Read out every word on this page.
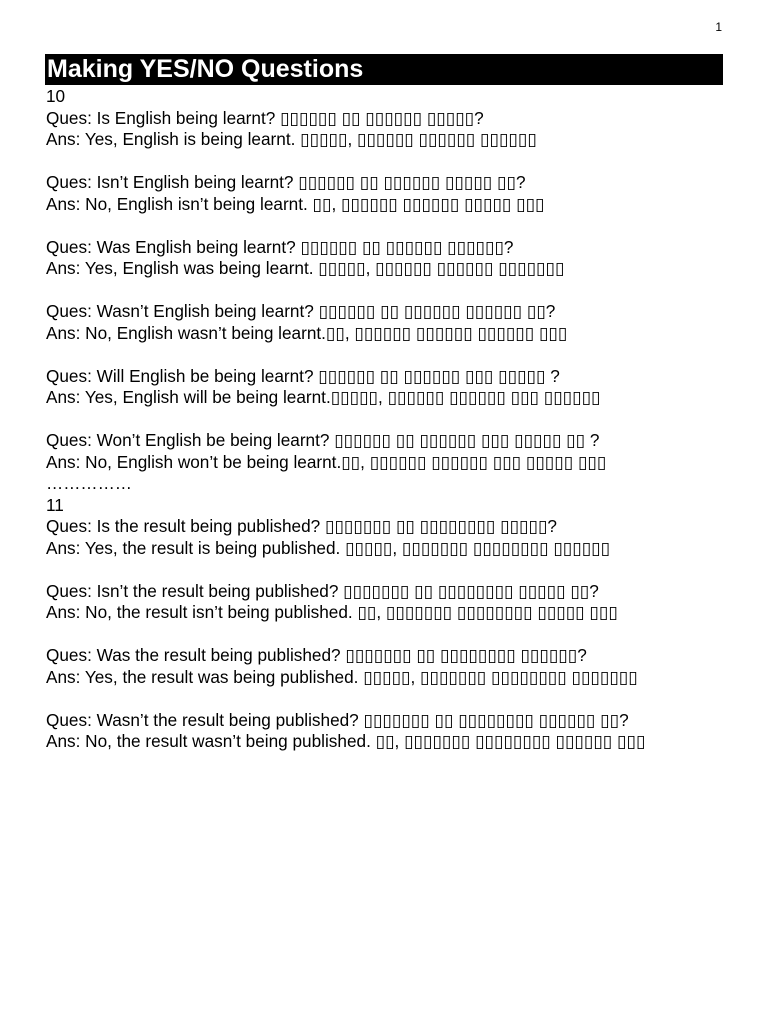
1
Making YES/NO Questions
10
Ques: Is English being learnt? ▯▯▯▯▯▯ ▯▯ ▯▯▯▯▯▯ ▯▯▯▯▯?
Ans: Yes, English is being learnt. ▯▯▯▯▯, ▯▯▯▯▯▯ ▯▯▯▯▯▯ ▯▯▯▯▯▯
Ques: Isn’t English being learnt? ▯▯▯▯▯▯ ▯▯ ▯▯▯▯▯▯ ▯▯▯▯▯ ▯▯?
Ans: No, English isn’t being learnt. ▯▯, ▯▯▯▯▯▯ ▯▯▯▯▯▯ ▯▯▯▯▯ ▯▯▯
Ques: Was English being learnt? ▯▯▯▯▯▯ ▯▯ ▯▯▯▯▯▯ ▯▯▯▯▯▯?
Ans: Yes, English was being learnt. ▯▯▯▯▯, ▯▯▯▯▯▯ ▯▯▯▯▯▯ ▯▯▯▯▯▯▯
Ques: Wasn’t English being learnt? ▯▯▯▯▯▯ ▯▯ ▯▯▯▯▯▯ ▯▯▯▯▯▯ ▯▯?
Ans: No, English wasn’t being learnt.▯▯, ▯▯▯▯▯▯ ▯▯▯▯▯▯ ▯▯▯▯▯▯ ▯▯▯
Ques: Will English be being learnt? ▯▯▯▯▯▯ ▯▯ ▯▯▯▯▯▯ ▯▯▯ ▯▯▯▯▯ ?
Ans: Yes, English will be being learnt.▯▯▯▯▯, ▯▯▯▯▯▯ ▯▯▯▯▯▯ ▯▯▯ ▯▯▯▯▯▯
Ques: Won’t English be being learnt? ▯▯▯▯▯▯ ▯▯ ▯▯▯▯▯▯ ▯▯▯ ▯▯▯▯▯ ▯▯ ?
Ans: No, English won’t be being learnt.▯▯, ▯▯▯▯▯▯ ▯▯▯▯▯▯ ▯▯▯ ▯▯▯▯▯ ▯▯▯
……………
11
Ques: Is the result being published? ▯▯▯▯▯▯▯ ▯▯ ▯▯▯▯▯▯▯▯ ▯▯▯▯▯?
Ans: Yes, the result is being published. ▯▯▯▯▯, ▯▯▯▯▯▯▯ ▯▯▯▯▯▯▯▯ ▯▯▯▯▯▯
Ques: Isn’t the result being published? ▯▯▯▯▯▯▯ ▯▯ ▯▯▯▯▯▯▯▯ ▯▯▯▯▯ ▯▯?
Ans: No, the result isn’t being published. ▯▯, ▯▯▯▯▯▯▯ ▯▯▯▯▯▯▯▯ ▯▯▯▯▯ ▯▯▯
Ques: Was the result being published? ▯▯▯▯▯▯▯ ▯▯ ▯▯▯▯▯▯▯▯ ▯▯▯▯▯▯?
Ans: Yes, the result was being published. ▯▯▯▯▯, ▯▯▯▯▯▯▯ ▯▯▯▯▯▯▯▯ ▯▯▯▯▯▯▯
Ques: Wasn’t the result being published? ▯▯▯▯▯▯▯ ▯▯ ▯▯▯▯▯▯▯▯ ▯▯▯▯▯▯ ▯▯?
Ans: No, the result wasn’t being published. ▯▯, ▯▯▯▯▯▯▯ ▯▯▯▯▯▯▯▯ ▯▯▯▯▯▯ ▯▯▯
